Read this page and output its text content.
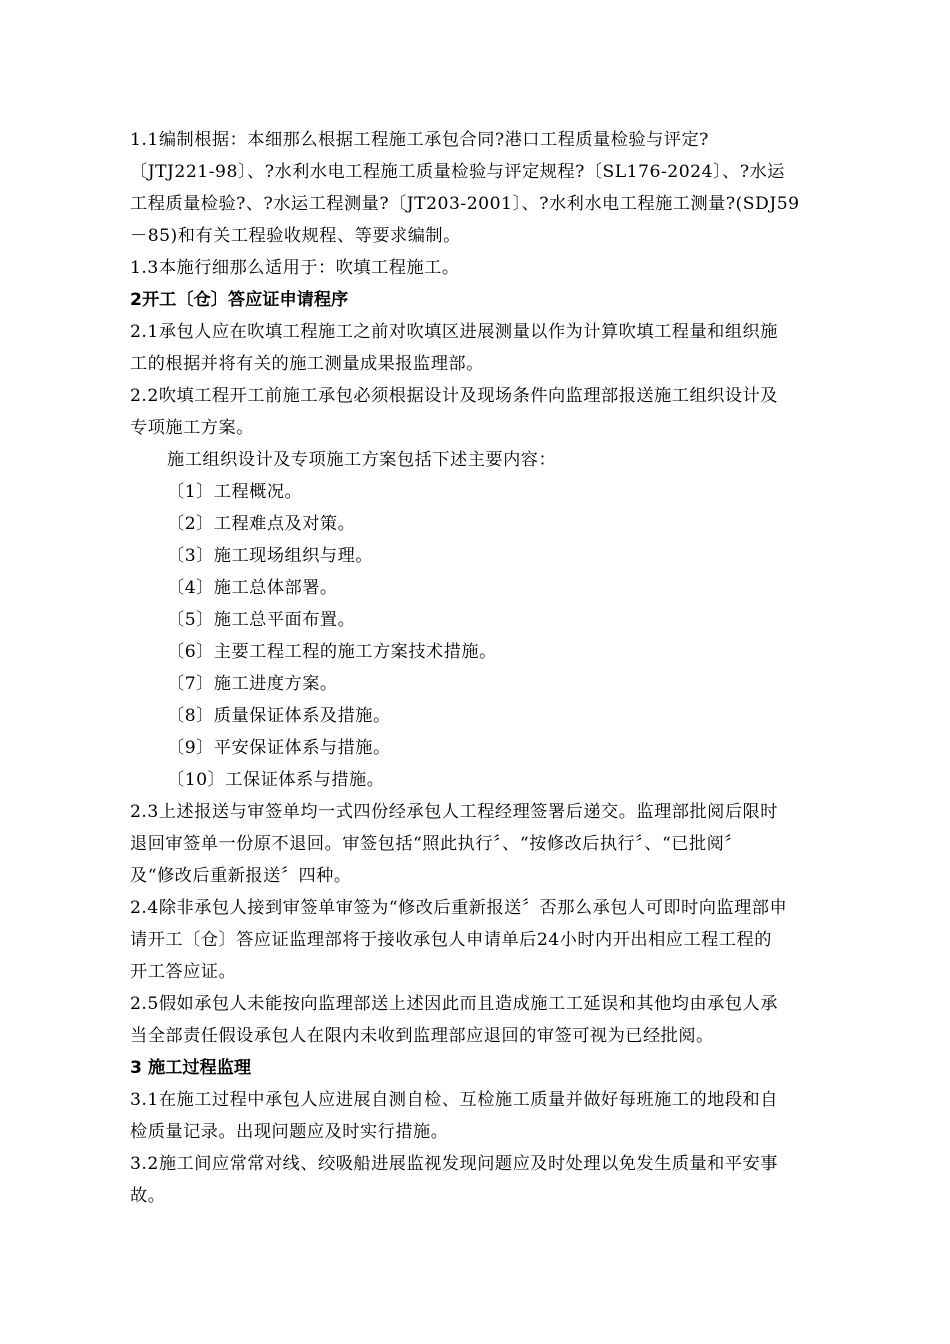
1.1编制根据：本细那么根据工程施工承包合同?港口工程质量检验与评定?
〔JTJ221-98〕、?水利水电工程施工质量检验与评定规程?〔SL176-2024〕、?水运
工程质量检验?、?水运工程测量?〔JT203-2001〕、?水利水电工程施工测量?(SDJ59
－85)和有关工程验收规程、等要求编制。
1.3本施行细那么适用于：吹填工程施工。
2开工〔仓〕答应证申请程序
2.1承包人应在吹填工程施工之前对吹填区进展测量以作为计算吹填工程量和组织施
工的根据并将有关的施工测量成果报监理部。
2.2吹填工程开工前施工承包必须根据设计及现场条件向监理部报送施工组织设计及
专项施工方案。
施工组织设计及专项施工方案包括下述主要内容：
〔1〕工程概况。
〔2〕工程难点及对策。
〔3〕施工现场组织与理。
〔4〕施工总体部署。
〔5〕施工总平面布置。
〔6〕主要工程工程的施工方案技术措施。
〔7〕施工进度方案。
〔8〕质量保证体系及措施。
〔9〕平安保证体系与措施。
〔10〕工保证体系与措施。
2.3上述报送与审签单均一式四份经承包人工程经理签署后递交。监理部批阅后限时
退回审签单一份原不退回。审签包括“照此执行〞、“按修改后执行〞、“已批阅〞
及“修改后重新报送〞四种。
2.4除非承包人接到审签单审签为“修改后重新报送〞否那么承包人可即时向监理部申
请开工〔仓〕答应证监理部将于接收承包人申请单后24小时内开出相应工程工程的
开工答应证。
2.5假如承包人未能按向监理部送上述因此而且造成施工工延误和其他均由承包人承
当全部责任假设承包人在限内未收到监理部应退回的审签可视为已经批阅。
3 施工过程监理
3.1在施工过程中承包人应进展自测自检、互检施工质量并做好每班施工的地段和自
检质量记录。出现问题应及时实行措施。
3.2施工间应常常对线、绞吸船进展监视发现问题应及时处理以免发生质量和平安事
故。
